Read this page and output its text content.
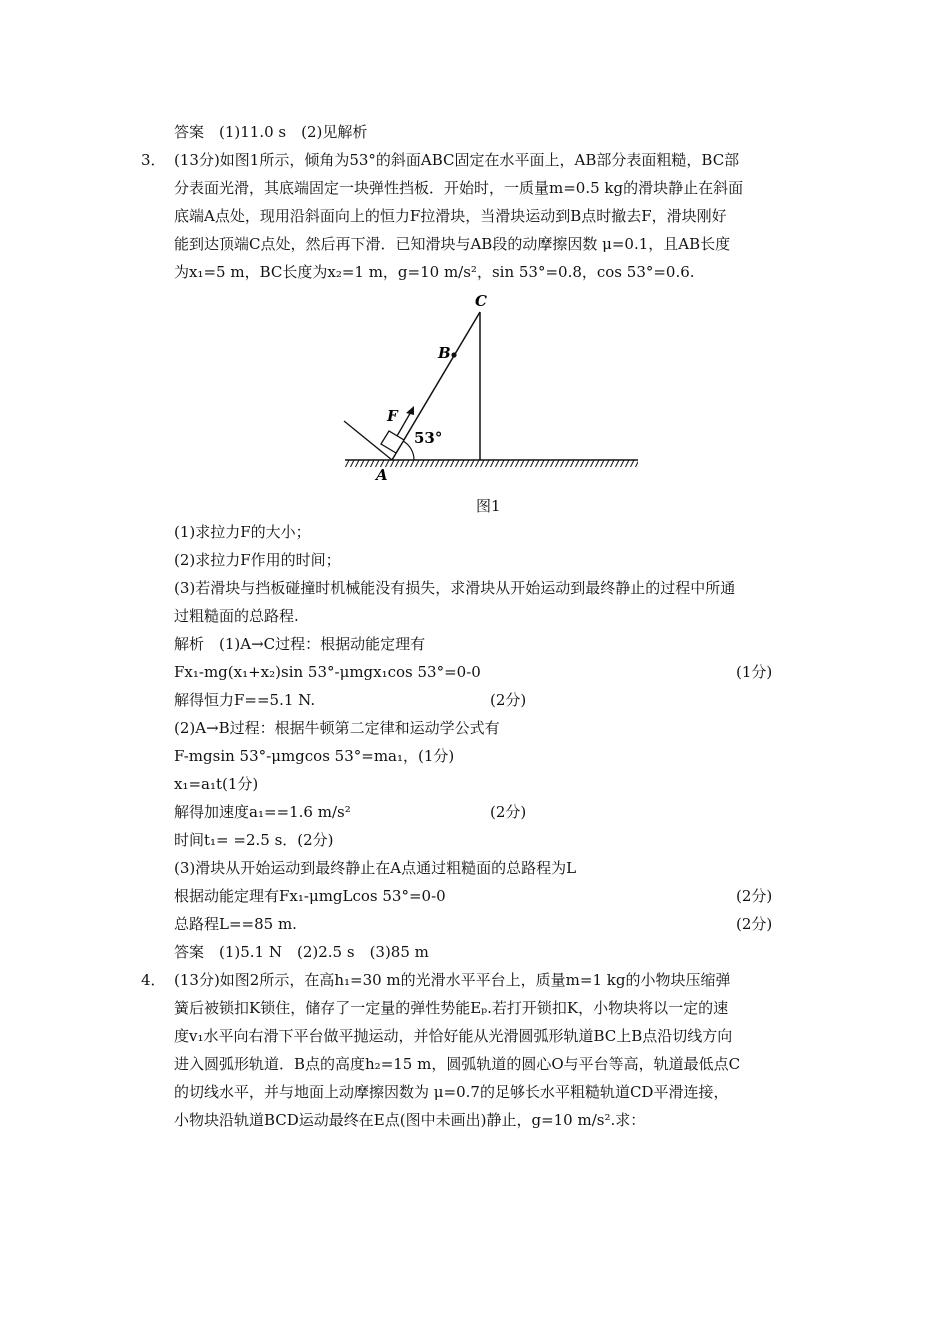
答案　(1)11.0 s　(2)见解析
3． (13分)如图1所示，倾角为53°的斜面ABC固定在水平面上，AB部分表面粗糙，BC部
分表面光滑，其底端固定一块弹性挡板．开始时，一质量m=0.5 kg的滑块静止在斜面
底端A点处，现用沿斜面向上的恒力F拉滑块，当滑块运动到B点时撤去F，滑块刚好
能到达顶端C点处，然后再下滑．已知滑块与AB段的动摩擦因数 μ=0.1，且AB长度
为x₁=5 m，BC长度为x₂=1 m，g=10 m/s²，sin 53°=0.8，cos 53°=0.6.
C
B
F
53°
A
图1
(1)求拉力F的大小；
(2)求拉力F作用的时间；
(3)若滑块与挡板碰撞时机械能没有损失，求滑块从开始运动到最终静止的过程中所通
过粗糙面的总路程.
解析　(1)A→C过程：根据动能定理有
Fx₁-mg(x₁+x₂)sin 53°-μmgx₁cos 53°=0-0	(1分)
解得恒力F==5.1 N.	(2分)
(2)A→B过程：根据牛顿第二定律和运动学公式有
F-mgsin 53°-μmgcos 53°=ma₁，(1分)
x₁=a₁t(1分)
解得加速度a₁==1.6 m/s²	(2分)
时间t₁= =2.5 s．(2分)
(3)滑块从开始运动到最终静止在A点通过粗糙面的总路程为L
根据动能定理有Fx₁-μmgLcos 53°=0-0	(2分)
总路程L==85 m.	(2分)
答案　(1)5.1 N　(2)2.5 s　(3)85 m
4． (13分)如图2所示，在高h₁=30 m的光滑水平平台上，质量m=1 kg的小物块压缩弹
簧后被锁扣K锁住，储存了一定量的弹性势能Eₚ.若打开锁扣K，小物块将以一定的速
度v₁水平向右滑下平台做平抛运动，并恰好能从光滑圆弧形轨道BC上B点沿切线方向
进入圆弧形轨道．B点的高度h₂=15 m，圆弧轨道的圆心O与平台等高，轨道最低点C
的切线水平，并与地面上动摩擦因数为 μ=0.7的足够长水平粗糙轨道CD平滑连接，
小物块沿轨道BCD运动最终在E点(图中未画出)静止，g=10 m/s².求：
